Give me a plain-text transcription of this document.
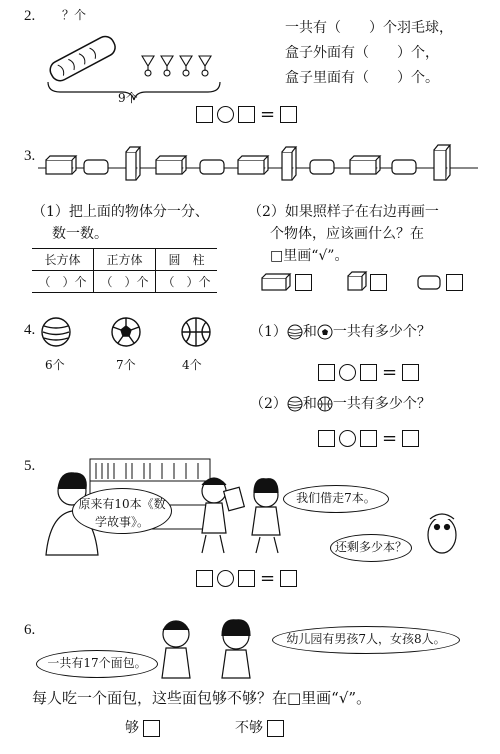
2. ？个
9个
一共有（　　）个羽毛球，
盒子外面有（　　）个，
盒子里面有（　　）个。
=
3.
（1）把上面的物体分一分、
数一数。
长方体	正方体	圆　柱
（　）个	（　）个	（　）个
（2）如果照样子在右边再画一
个物体，应该画什么？在
□里画“√”。
4.
6个	7个	4个
（1） 和 一共有多少个？
=
（2） 和 一共有多少个？
=
5.
原来有10本《数学故事》。
我们借走7本。
还剩多少本？
=
6.
一共有17个面包。
幼儿园有男孩7人，女孩8人。
每人吃一个面包，这些面包够不够？在□里画“√”。
够	不够
